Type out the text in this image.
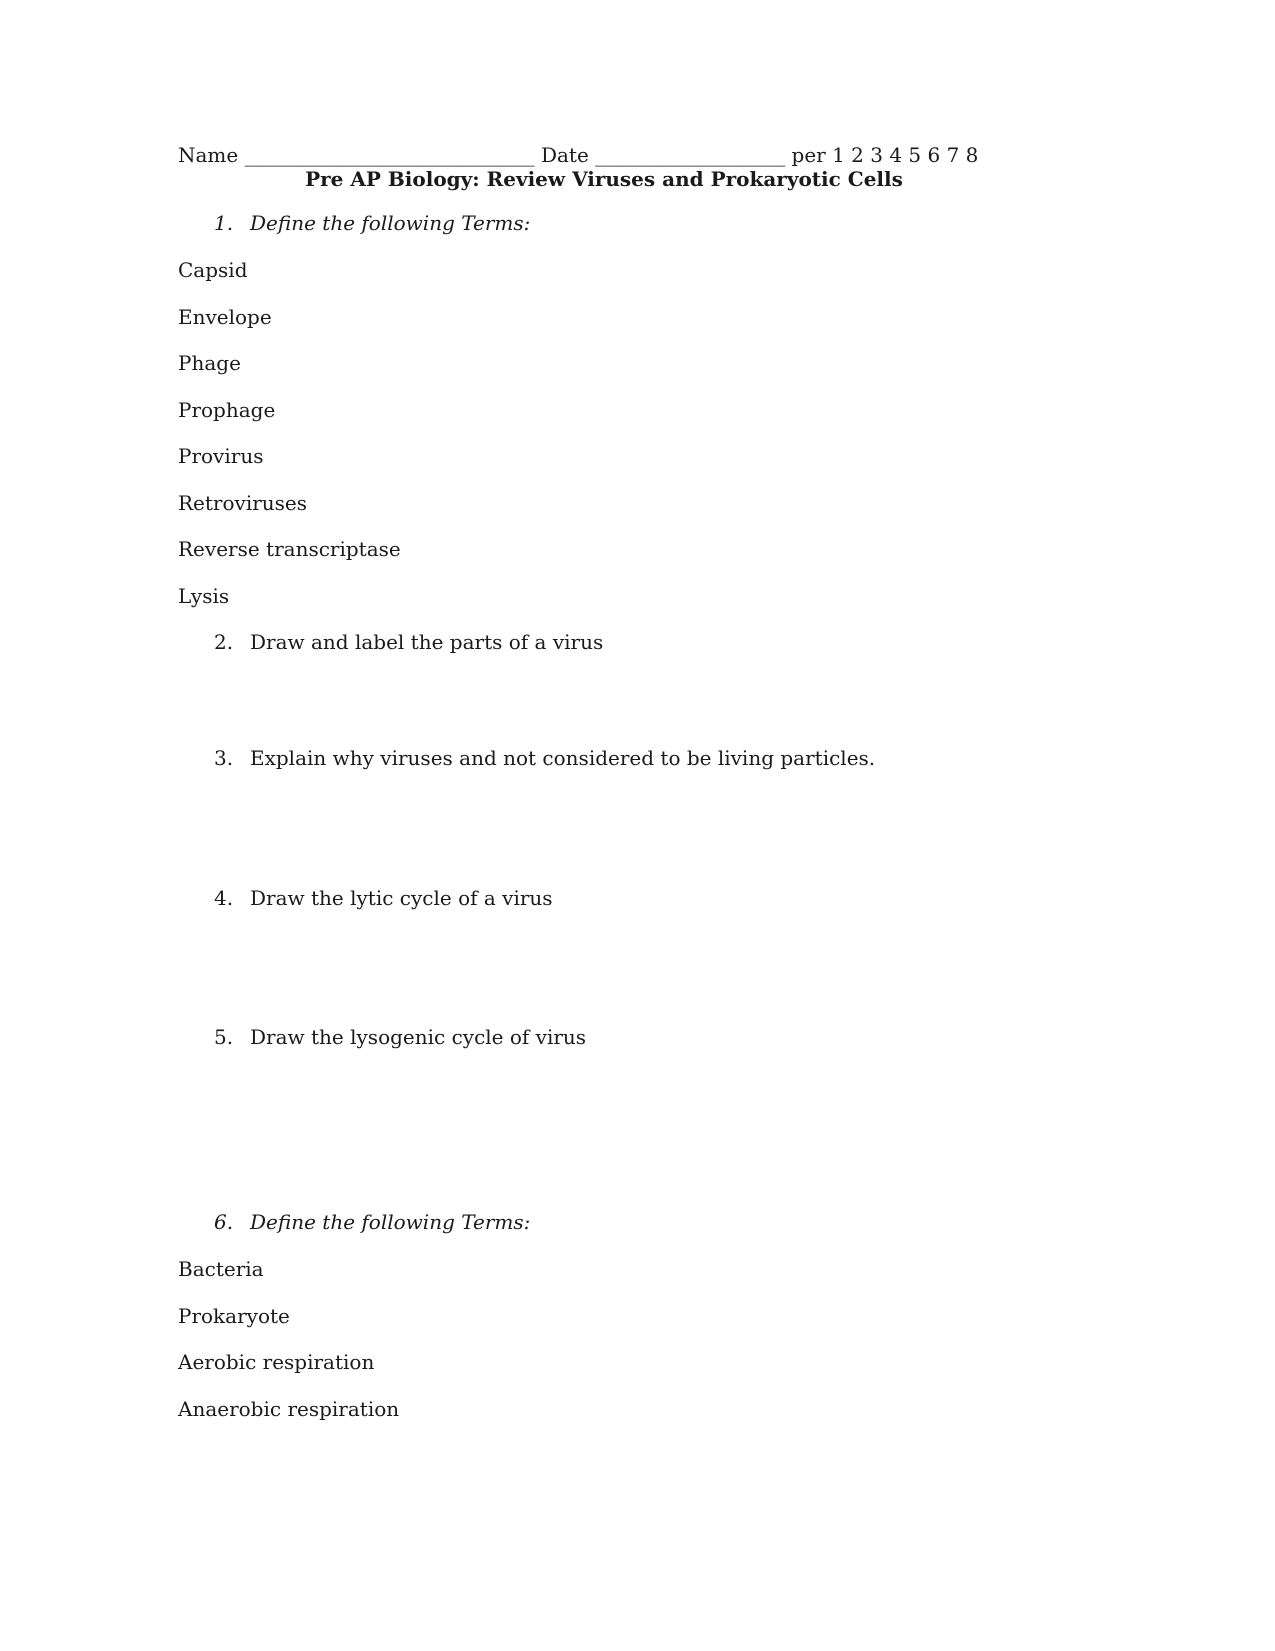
Name _____________________________ Date ___________________ per 1 2 3 4 5 6 7 8
Pre AP Biology: Review Viruses and Prokaryotic Cells
1. Define the following Terms:
Capsid
Envelope
Phage
Prophage
Provirus
Retroviruses
Reverse transcriptase
Lysis
2. Draw and label the parts of a virus
3. Explain why viruses and not considered to be living particles.
4. Draw the lytic cycle of a virus
5. Draw the lysogenic cycle of virus
6. Define the following Terms:
Bacteria
Prokaryote
Aerobic respiration
Anaerobic respiration
